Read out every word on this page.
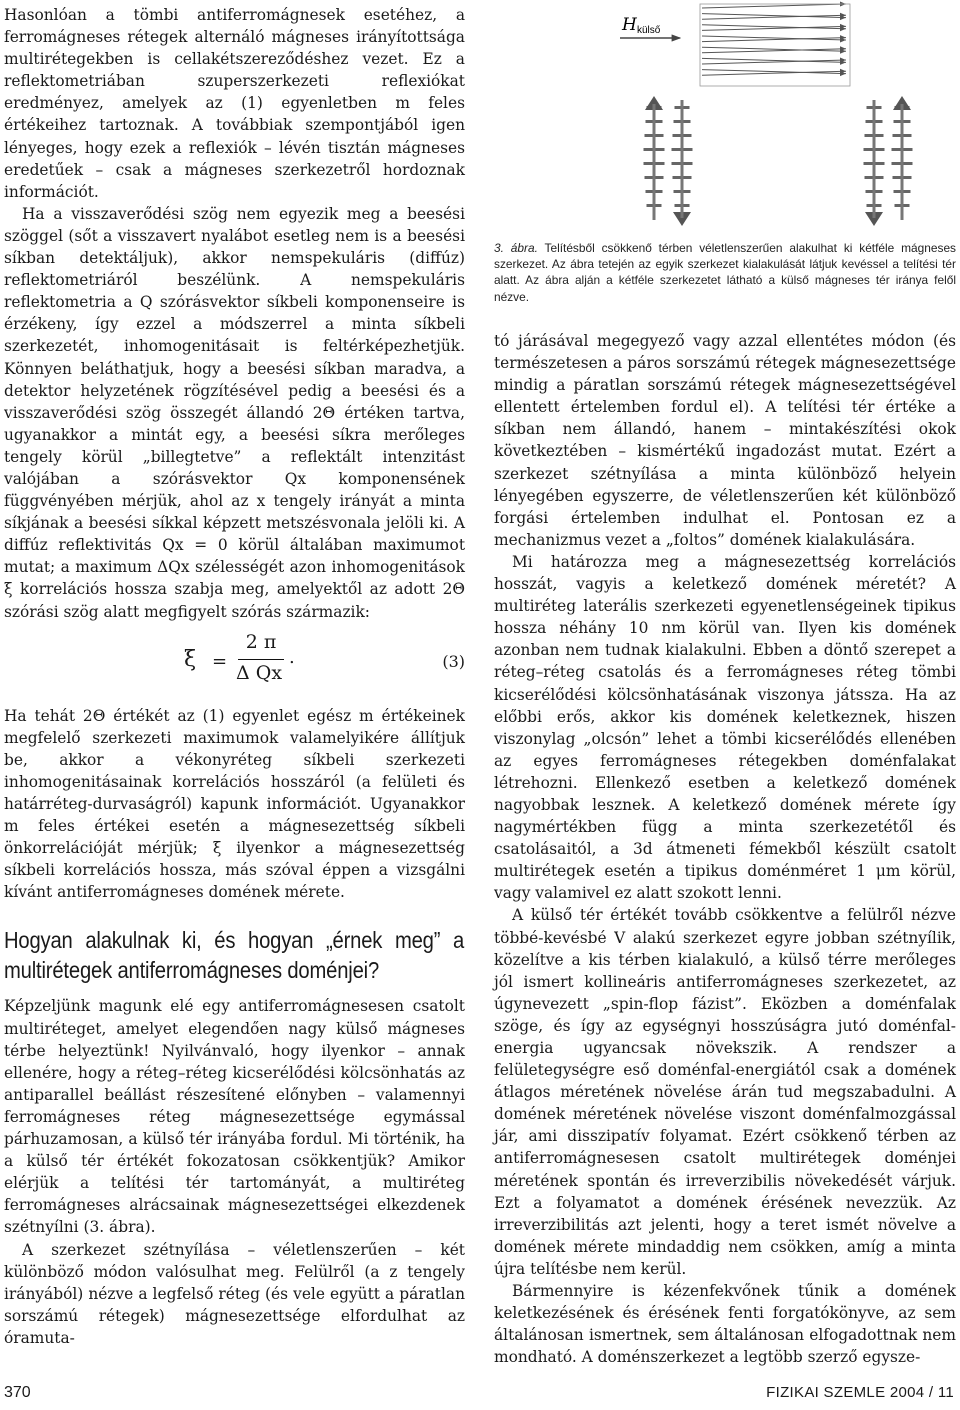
Hasonlóan a tömbi antiferromágnesek esetéhez, a ferromágneses rétegek alternáló mágneses irányítottsága multirétegekben is cellakétszereződéshez vezet. Ez a reflektometriában szuperszerkezeti reflexiókat eredményez, amelyek az (1) egyenletben m feles értékeihez tartoznak. A továbbiak szempontjából igen lényeges, hogy ezek a reflexiók – lévén tisztán mágneses eredetűek – csak a mágneses szerkezetről hordoznak információt.

Ha a visszaverődési szög nem egyezik meg a beesési szöggel (sőt a visszavert nyalábot esetleg nem is a beesési síkban detektáljuk), akkor nemspekuláris (diffúz) reflektometriáról beszélünk. A nemspekuláris reflektometria a Q szórásvektor síkbeli komponenseire is érzékeny, így ezzel a módszerrel a minta síkbeli szerkezetét, inhomogenitásait is feltérképezhetjük. Könnyen beláthatjuk, hogy a beesési síkban maradva, a detektor helyzetének rögzítésével pedig a beesési és a visszaverődési szög összegét állandó 2Θ értéken tartva, ugyanakkor a mintát egy, a beesési síkra merőleges tengely körül „billegtetve” a reflektált intenzitást valójában a szórásvektor Qx komponensének függvényében mérjük, ahol az x tengely irányát a minta síkjának a beesési síkkal képzett metszésvonala jelöli ki. A diffúz reflektivitás Qx = 0 körül általában maximumot mutat; a maximum ΔQx szélességét azon inhomogenitások ξ korrelációs hossza szabja meg, amelyektől az adott 2Θ szórási szög alatt megfigyelt szórás származik:

ξ =
2 π
Δ Qx
.	(3)

Ha tehát 2Θ értékét az (1) egyenlet egész m értékeinek megfelelő szerkezeti maximumok valamelyikére állítjuk be, akkor a vékonyréteg síkbeli szerkezeti inhomogenitásainak korrelációs hosszáról (a felületi és határréteg-durvaságról) kapunk információt. Ugyanakkor m feles értékei esetén a mágnesezettség síkbeli önkorrelációját mérjük; ξ ilyenkor a mágnesezettség síkbeli korrelációs hossza, más szóval éppen a vizsgálni kívánt antiferromágneses domének mérete.

Hogyan alakulnak ki, és hogyan „érnek meg” a multirétegek antiferromágneses doménjei?

Képzeljünk magunk elé egy antiferromágnesesen csatolt multiréteget, amelyet elegendően nagy külső mágneses térbe helyeztünk! Nyilvánvaló, hogy ilyenkor – annak ellenére, hogy a réteg–réteg kicserélődési kölcsönhatás az antiparallel beállást részesítené előnyben – valamennyi ferromágneses réteg mágnesezettsége egymással párhuzamosan, a külső tér irányába fordul. Mi történik, ha a külső tér értékét fokozatosan csökkentjük? Amikor elérjük a telítési tér tartományát, a multiréteg ferromágneses alrácsainak mágnesezettségei elkezdenek szétnyílni (3. ábra).

A szerkezet szétnyílása – véletlenszerűen – két különböző módon valósulhat meg. Felülről (a z tengely irányából) nézve a legfelső réteg (és vele együtt a páratlan sorszámú rétegek) mágnesezettsége elfordulhat az óramuta-

H külső
3. ábra. Telítésből csökkenő térben véletlenszerűen alakulhat ki kétféle mágneses szerkezet. Az ábra tetején az egyik szerkezet kialakulását látjuk kevéssel a telítési tér alatt. Az ábra alján a kétféle szerkezetet látható a külső mágneses tér iránya felől nézve.

tó járásával megegyező vagy azzal ellentétes módon (és természetesen a páros sorszámú rétegek mágnesezettsége mindig a páratlan sorszámú rétegek mágnesezettségével ellentett értelemben fordul el). A telítési tér értéke a síkban nem állandó, hanem – mintakészítési okok következtében – kismértékű ingadozást mutat. Ezért a szerkezet szétnyílása a minta különböző helyein lényegében egyszerre, de véletlenszerűen két különböző forgási értelemben indulhat el. Pontosan ez a mechanizmus vezet a „foltos” domének kialakulására.

Mi határozza meg a mágnesezettség korrelációs hosszát, vagyis a keletkező domének méretét? A multiréteg laterális szerkezeti egyenetlenségeinek tipikus hossza néhány 10 nm körül van. Ilyen kis domének azonban nem tudnak kialakulni. Ebben a döntő szerepet a réteg–réteg csatolás és a ferromágneses réteg tömbi kicserélődési kölcsönhatásának viszonya játssza. Ha az előbbi erős, akkor kis domének keletkeznek, hiszen viszonylag „olcsón” lehet a tömbi kicserélődés ellenében az egyes ferromágneses rétegekben doménfalakat létrehozni. Ellenkező esetben a keletkező domének nagyobbak lesznek. A keletkező domének mérete így nagymértékben függ a minta szerkezetétől és csatolásaitól, a 3d átmeneti fémekből készült csatolt multirétegek esetén a tipikus doménméret 1 μm körül, vagy valamivel ez alatt szokott lenni.

A külső tér értékét tovább csökkentve a felülről nézve többé-kevésbé V alakú szerkezet egyre jobban szétnyílik, közelítve a kis térben kialakuló, a külső térre merőleges jól ismert kollineáris antiferromágneses szerkezetet, az úgynevezett „spin-flop fázist”. Eközben a doménfalak szöge, és így az egységnyi hosszúságra jutó doménfal-energia ugyancsak növekszik. A rendszer a felületegységre eső doménfal-energiától csak a domének átlagos méretének növelése árán tud megszabadulni. A domének méretének növelése viszont doménfalmozgással jár, ami disszipatív folyamat. Ezért csökkenő térben az antiferromágnesesen csatolt multirétegek doménjei méretének spontán és irreverzibilis növekedését várjuk. Ezt a folyamatot a domének érésének nevezzük. Az irreverzibilitás azt jelenti, hogy a teret ismét növelve a domének mérete mindaddig nem csökken, amíg a minta újra telítésbe nem kerül.

Bármennyire is kézenfekvőnek tűnik a domének keletkezésének és érésének fenti forgatókönyve, az sem általánosan ismertnek, sem általánosan elfogadottnak nem mondható. A doménszerkezet a legtöbb szerző egysze-

370	FIZIKAI SZEMLE 2004 / 11
